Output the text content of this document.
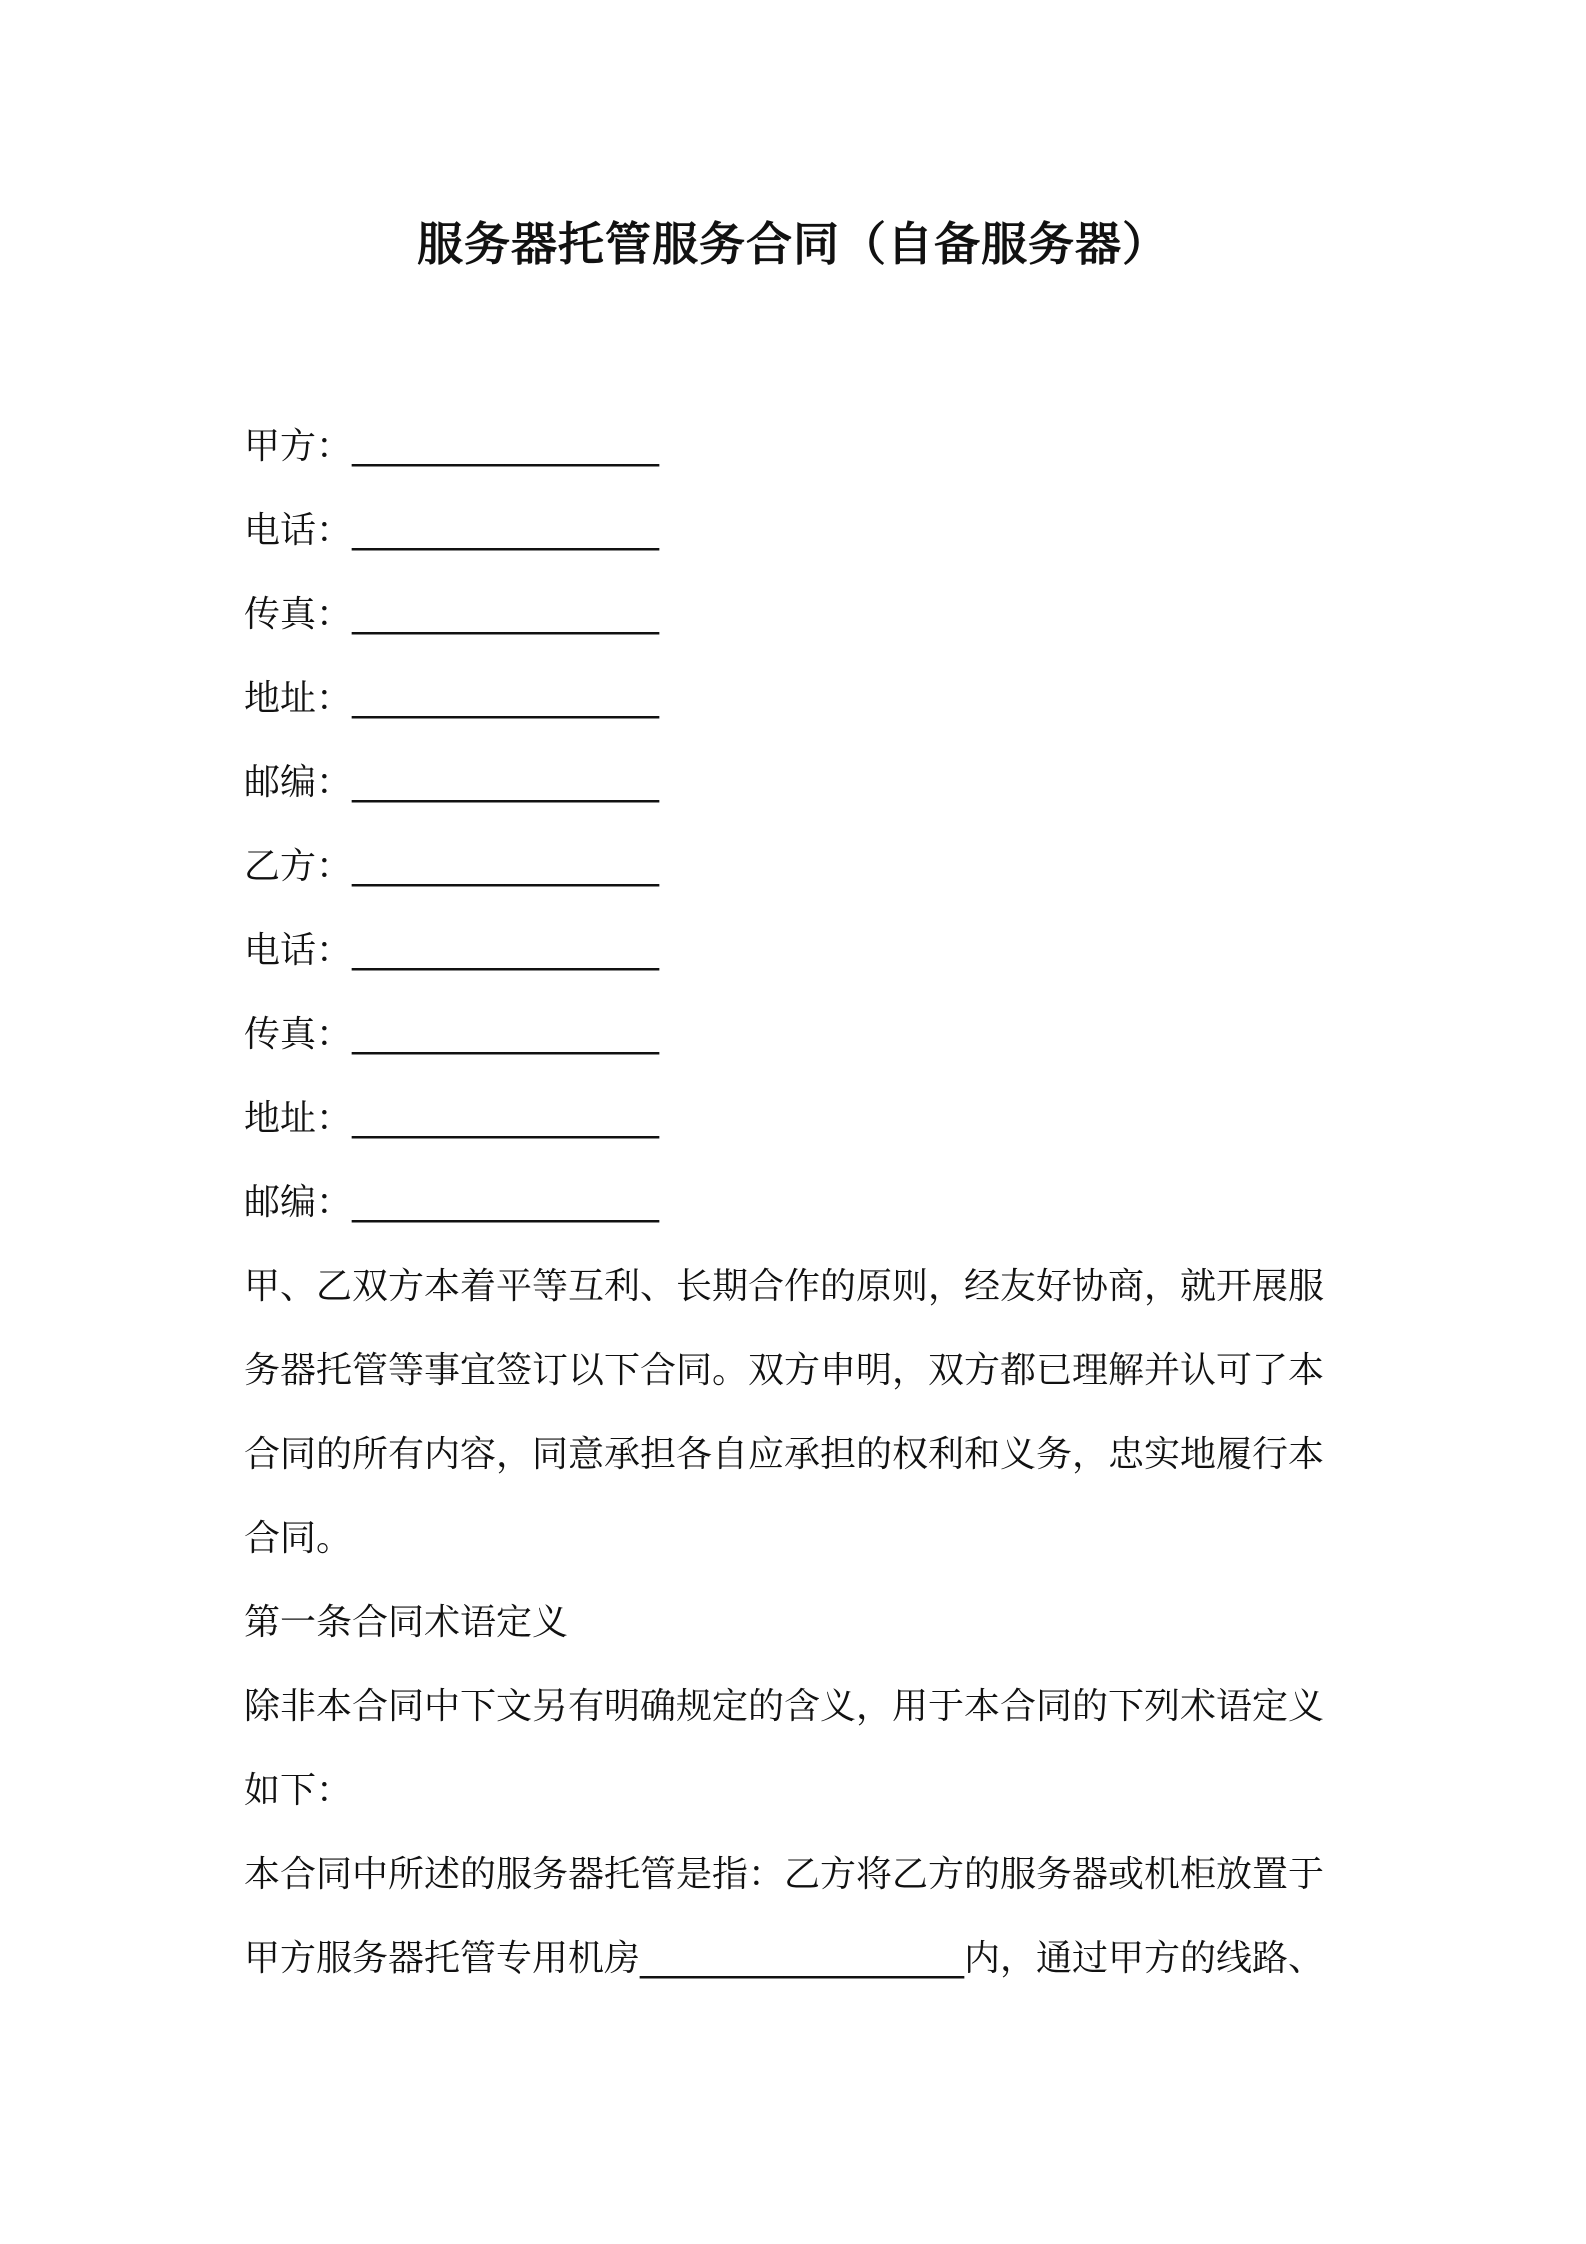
服务器托管服务合同（自备服务器）

甲方：__________________

电话：__________________

传真：__________________

地址：__________________

邮编：__________________

乙方：__________________

电话：__________________

传真：__________________

地址：__________________

邮编：__________________

甲、乙双方本着平等互利、长期合作的原则，经友好协商，就开展服

务器托管等事宜签订以下合同。双方申明，双方都已理解并认可了本

合同的所有内容，同意承担各自应承担的权利和义务，忠实地履行本

合同。

第一条合同术语定义

除非本合同中下文另有明确规定的含义，用于本合同的下列术语定义

如下：

本合同中所述的服务器托管是指：乙方将乙方的服务器或机柜放置于

甲方服务器托管专用机房__________________内，通过甲方的线路、
